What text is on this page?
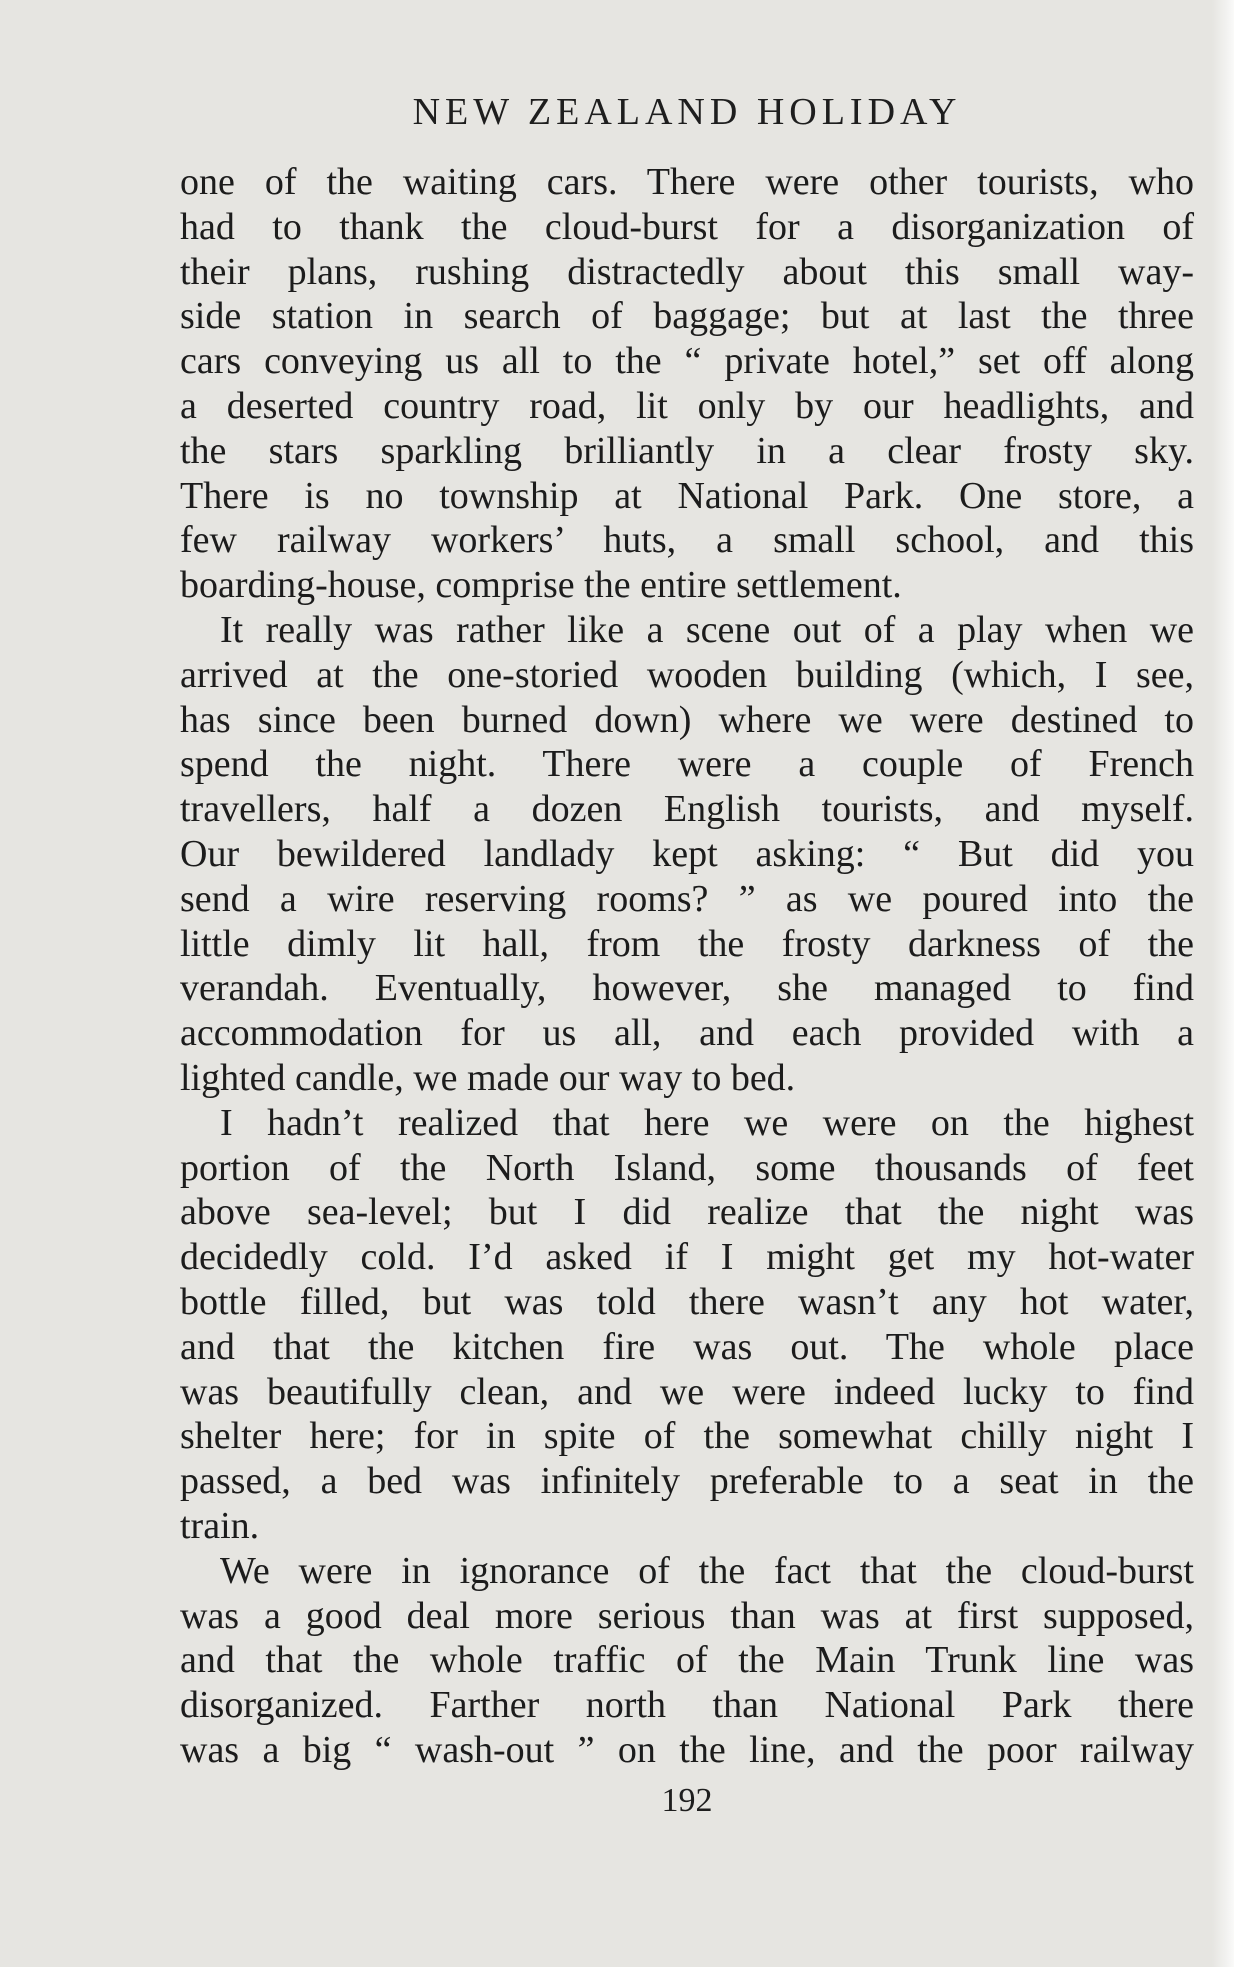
NEW ZEALAND HOLIDAY
one of the waiting cars. There were other tourists, who
had to thank the cloud-burst for a disorganization of
their plans, rushing distractedly about this small way-
side station in search of baggage; but at last the three
cars conveying us all to the “ private hotel,” set off along
a deserted country road, lit only by our headlights, and
the stars sparkling brilliantly in a clear frosty sky.
There is no township at National Park. One store, a
few railway workers’ huts, a small school, and this
boarding-house, comprise the entire settlement.
It really was rather like a scene out of a play when we
arrived at the one-storied wooden building (which, I see,
has since been burned down) where we were destined to
spend the night. There were a couple of French
travellers, half a dozen English tourists, and myself.
Our bewildered landlady kept asking: “ But did you
send a wire reserving rooms? ” as we poured into the
little dimly lit hall, from the frosty darkness of the
verandah. Eventually, however, she managed to find
accommodation for us all, and each provided with a
lighted candle, we made our way to bed.
I hadn’t realized that here we were on the highest
portion of the North Island, some thousands of feet
above sea-level; but I did realize that the night was
decidedly cold. I’d asked if I might get my hot-water
bottle filled, but was told there wasn’t any hot water,
and that the kitchen fire was out. The whole place
was beautifully clean, and we were indeed lucky to find
shelter here; for in spite of the somewhat chilly night I
passed, a bed was infinitely preferable to a seat in the
train.
We were in ignorance of the fact that the cloud-burst
was a good deal more serious than was at first supposed,
and that the whole traffic of the Main Trunk line was
disorganized. Farther north than National Park there
was a big “ wash-out ” on the line, and the poor railway
192
